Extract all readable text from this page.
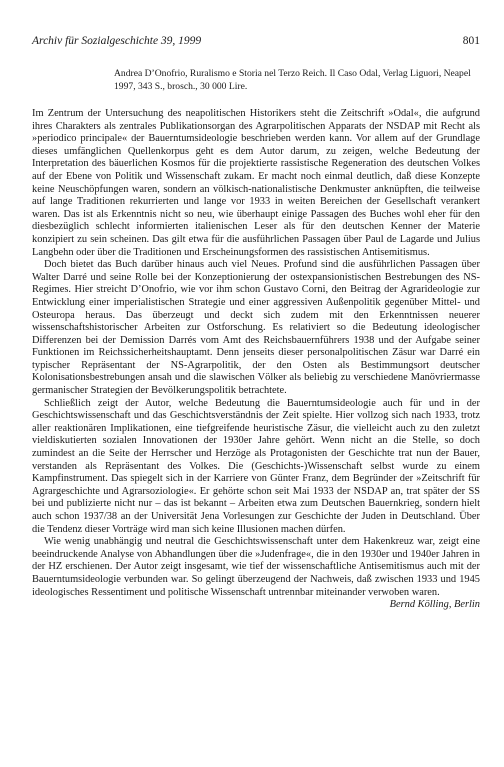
Archiv für Sozialgeschichte 39, 1999	801
Andrea D’Onofrio, Ruralismo e Storia nel Terzo Reich. Il Caso Odal, Verlag Liguori, Neapel 1997, 343 S., brosch., 30 000 Lire.

Im Zentrum der Untersuchung des neapolitischen Historikers steht die Zeitschrift »Odal«, die aufgrund ihres Charakters als zentrales Publikationsorgan des Agrarpolitischen Apparats der NSDAP mit Recht als »periodico principale« der Bauerntumsideologie beschrieben werden kann. Vor allem auf der Grundlage dieses umfänglichen Quellenkorpus geht es dem Autor darum, zu zeigen, welche Bedeutung der Interpretation des bäuerlichen Kosmos für die projektierte rassistische Regeneration des deutschen Volkes auf der Ebene von Politik und Wissenschaft zukam. Er macht noch einmal deutlich, daß diese Konzepte keine Neuschöpfungen waren, sondern an völkisch-nationalistische Denkmuster anknüpften, die teilweise auf lange Traditionen rekurrierten und lange vor 1933 in weiten Bereichen der Gesellschaft verankert waren. Das ist als Erkenntnis nicht so neu, wie überhaupt einige Passagen des Buches wohl eher für den diesbezüglich schlecht informierten italienischen Leser als für den deutschen Kenner der Materie konzipiert zu sein scheinen. Das gilt etwa für die ausführlichen Passagen über Paul de Lagarde und Julius Langbehn oder über die Traditionen und Erscheinungsformen des rassistischen Antisemitismus.

Doch bietet das Buch darüber hinaus auch viel Neues. Profund sind die ausführlichen Passagen über Walter Darré und seine Rolle bei der Konzeptionierung der ostexpansionistischen Bestrebungen des NS-Regimes. Hier streicht D’Onofrio, wie vor ihm schon Gustavo Corni, den Beitrag der Agrarideologie zur Entwicklung einer imperialistischen Strategie und einer aggressiven Außenpolitik gegenüber Mittel- und Osteuropa heraus. Das überzeugt und deckt sich zudem mit den Erkenntnissen neuerer wissenschaftshistorischer Arbeiten zur Ostforschung. Es relativiert so die Bedeutung ideologischer Differenzen bei der Demission Darrés vom Amt des Reichsbauernführers 1938 und der Aufgabe seiner Funktionen im Reichssicherheitshauptamt. Denn jenseits dieser personalpolitischen Zäsur war Darré ein typischer Repräsentant der NS-Agrarpolitik, der den Osten als Bestimmungsort deutscher Kolonisationsbestrebungen ansah und die slawischen Völker als beliebig zu verschiedene Manövriermasse germanischer Strategien der Bevölkerungspolitik betrachtete.

Schließlich zeigt der Autor, welche Bedeutung die Bauerntumsideologie auch für und in der Geschichtswissenschaft und das Geschichtsverständnis der Zeit spielte. Hier vollzog sich nach 1933, trotz aller reaktionären Implikationen, eine tiefgreifende heuristische Zäsur, die vielleicht auch zu den zuletzt vieldiskutierten sozialen Innovationen der 1930er Jahre gehört. Wenn nicht an die Stelle, so doch zumindest an die Seite der Herrscher und Herzöge als Protagonisten der Geschichte trat nun der Bauer, verstanden als Repräsentant des Volkes. Die (Geschichts-)Wissenschaft selbst wurde zu einem Kampfinstrument. Das spiegelt sich in der Karriere von Günter Franz, dem Begründer der »Zeitschrift für Agrargeschichte und Agrarsoziologie«. Er gehörte schon seit Mai 1933 der NSDAP an, trat später der SS bei und publizierte nicht nur – das ist bekannt – Arbeiten etwa zum Deutschen Bauernkrieg, sondern hielt auch schon 1937/38 an der Universität Jena Vorlesungen zur Geschichte der Juden in Deutschland. Über die Tendenz dieser Vorträge wird man sich keine Illusionen machen dürfen.

Wie wenig unabhängig und neutral die Geschichtswissenschaft unter dem Hakenkreuz war, zeigt eine beeindruckende Analyse von Abhandlungen über die »Judenfrage«, die in den 1930er und 1940er Jahren in der HZ erschienen. Der Autor zeigt insgesamt, wie tief der wissenschaftliche Antisemitismus auch mit der Bauerntumsideologie verbunden war. So gelingt überzeugend der Nachweis, daß zwischen 1933 und 1945 ideologisches Ressentiment und politische Wissenschaft untrennbar miteinander verwoben waren.

Bernd Kölling, Berlin
